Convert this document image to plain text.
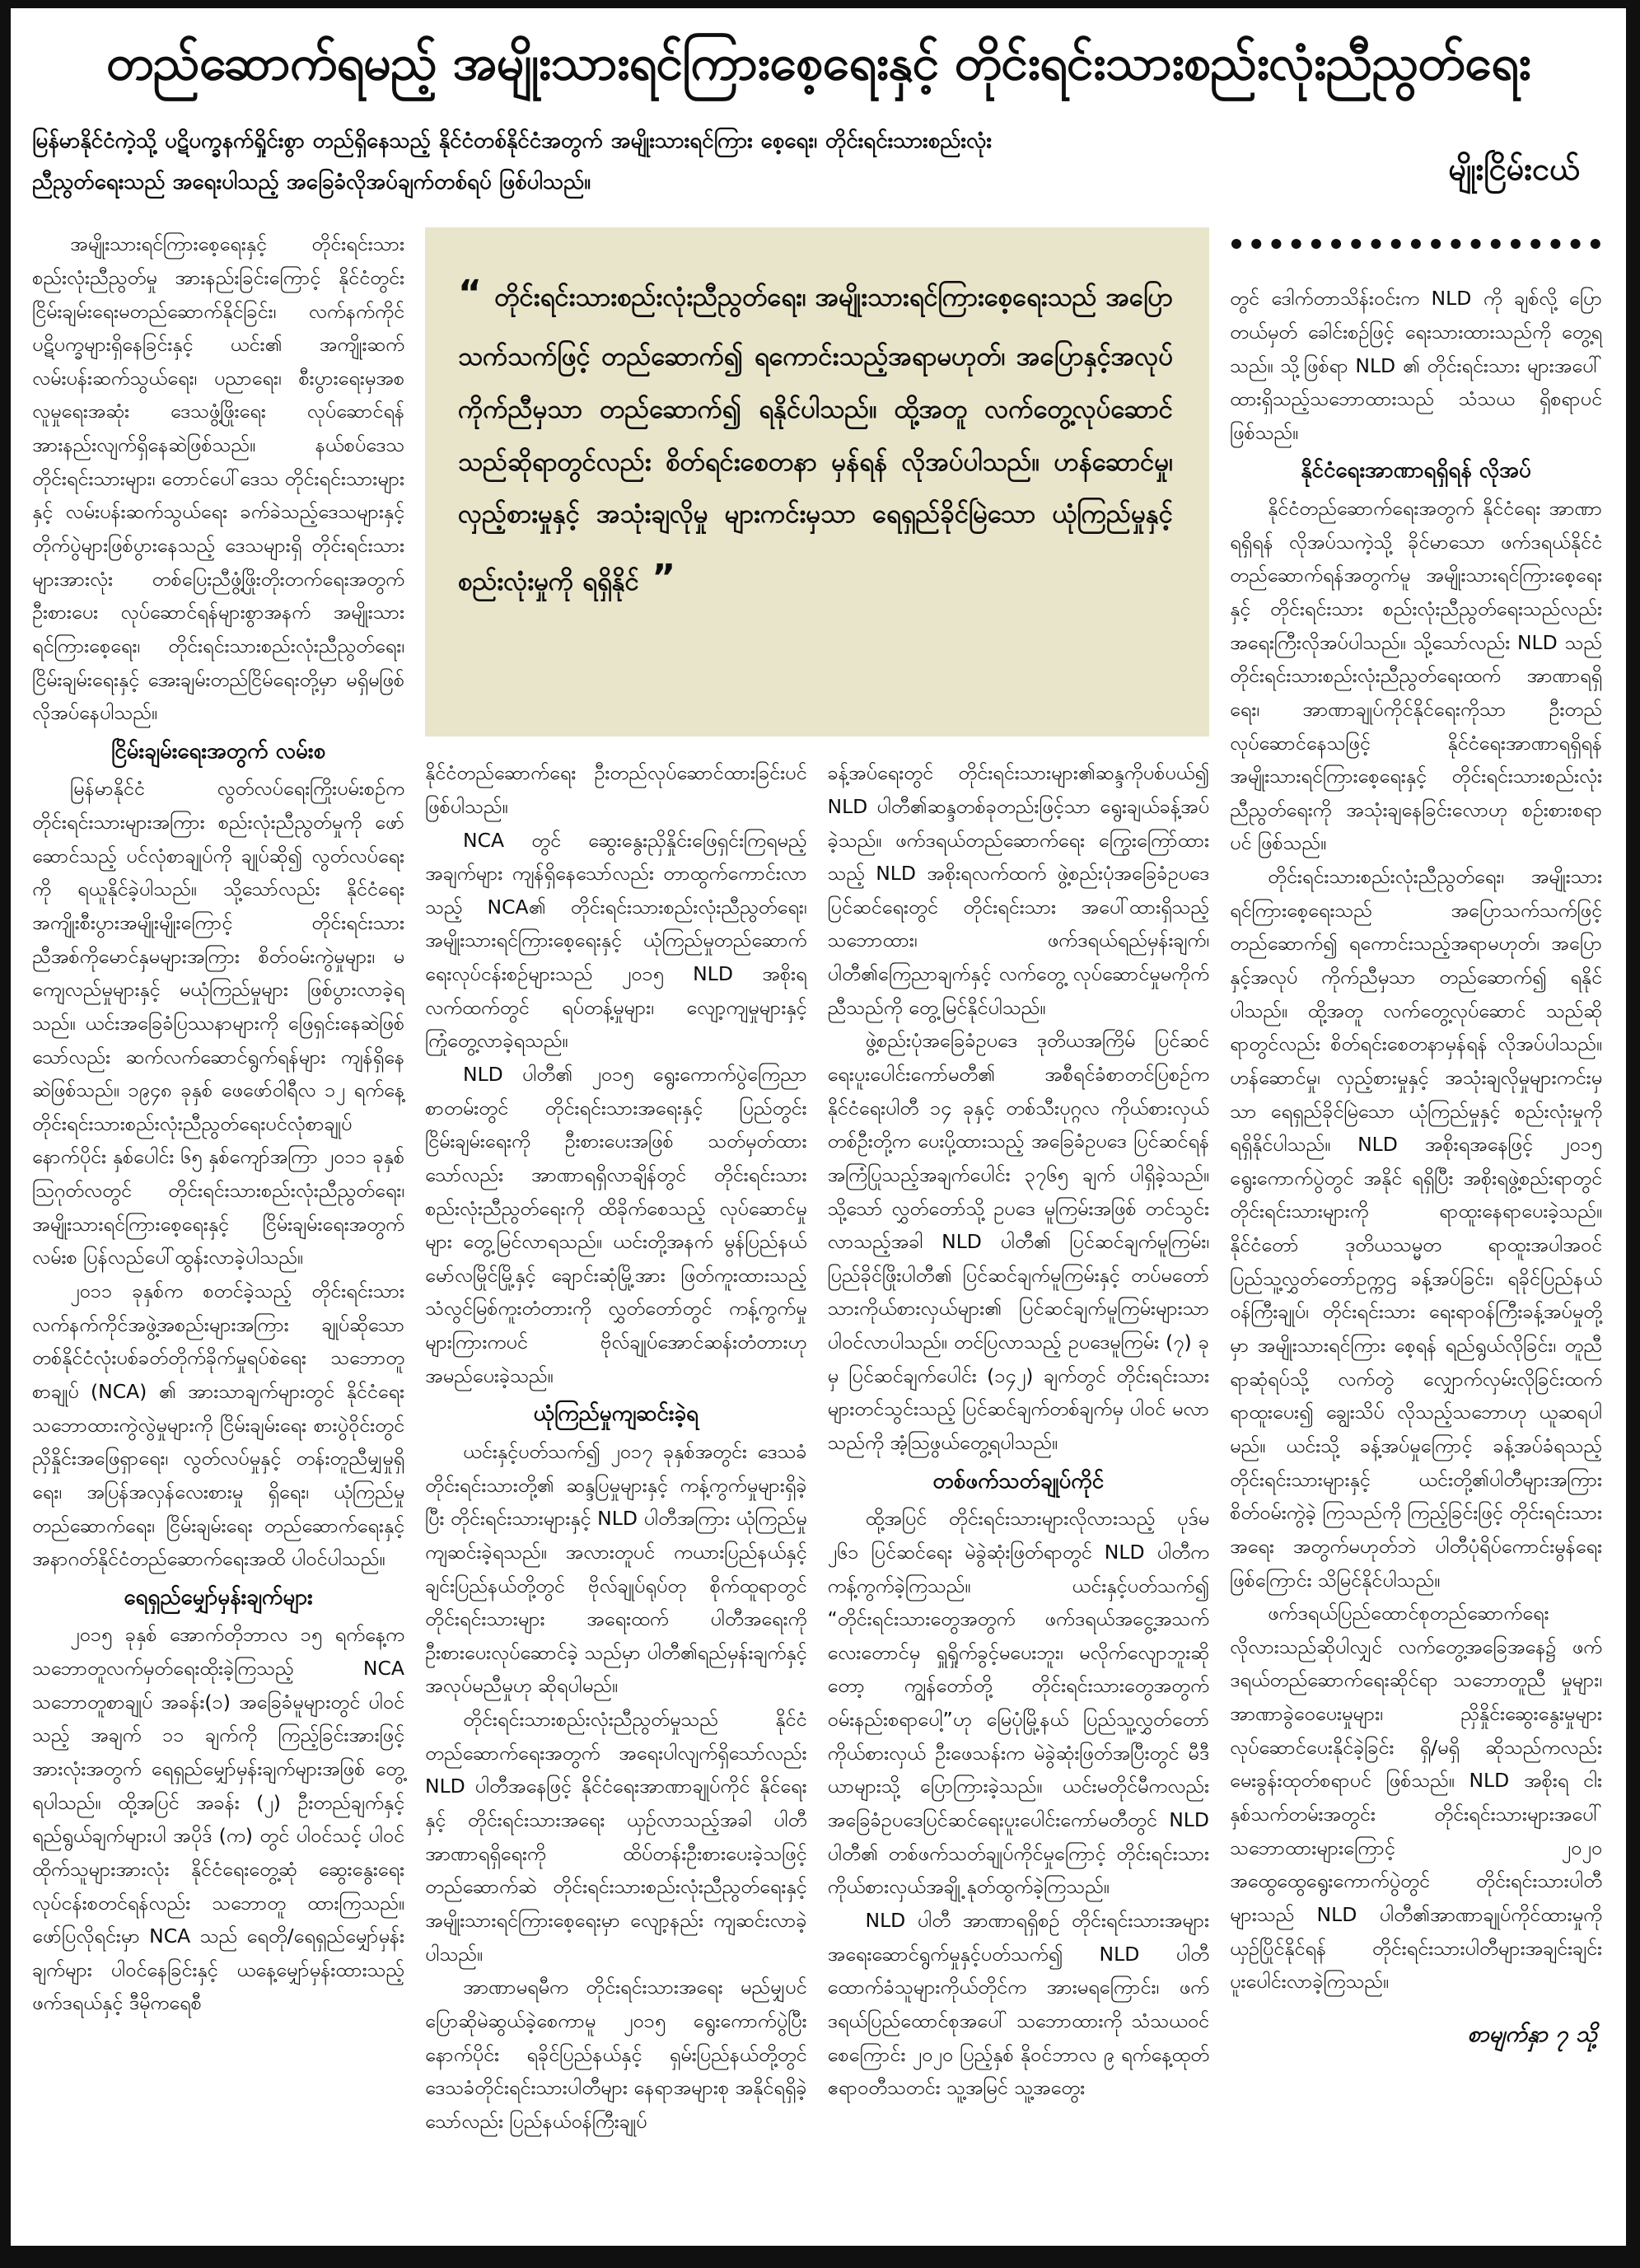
တည်ဆောက်ရမည့် အမျိုးသားရင်ကြားစေ့ရေးနှင့် တိုင်းရင်းသားစည်းလုံးညီညွတ်ရေး

မြန်မာနိုင်ငံကဲ့သို့ ပဋိပက္ခနက်ရှိုင်းစွာ တည်ရှိနေသည့် နိုင်ငံတစ်နိုင်ငံအတွက် အမျိုးသားရင်ကြား စေ့ရေး၊ တိုင်းရင်းသားစည်းလုံးညီညွတ်ရေးသည် အရေးပါသည့် အခြေခံလိုအပ်ချက်တစ်ရပ် ဖြစ်ပါသည်။	မျိုးငြိမ်းငယ်

အမျိုးသားရင်ကြားစေ့ရေးနှင့် တိုင်းရင်းသား စည်းလုံးညီညွတ်မှု အားနည်းခြင်းကြောင့် နိုင်ငံတွင်း ငြိမ်းချမ်းရေးမတည်ဆောက်နိုင်ခြင်း၊ လက်နက်ကိုင်ပဋိပက္ခများရှိနေခြင်းနှင့် ယင်း၏ အကျိုးဆက် လမ်းပန်းဆက်သွယ်ရေး၊ ပညာရေး၊ စီးပွားရေးမှအစ လူမှုရေးအဆုံး ဒေသဖွံ့ဖြိုးရေး လုပ်ဆောင်ရန် အားနည်းလျက်ရှိနေဆဲဖြစ်သည်။ နယ်စပ်ဒေသတိုင်းရင်းသားများ၊ တောင်ပေါ်ဒေသ တိုင်းရင်းသားများနှင့် လမ်းပန်းဆက်သွယ်ရေး ခက်ခဲသည့်ဒေသများနှင့် တိုက်ပွဲများဖြစ်ပွားနေသည့် ဒေသများရှိ တိုင်းရင်းသားများအားလုံး တစ်ပြေးညီဖွံ့ဖြိုးတိုးတက်ရေးအတွက် ဦးစားပေး လုပ်ဆောင်ရန်များစွာအနက် အမျိုးသားရင်ကြားစေ့ရေး၊ တိုင်းရင်းသားစည်းလုံးညီညွတ်ရေး၊ ငြိမ်းချမ်းရေးနှင့် အေးချမ်းတည်ငြိမ်ရေးတို့မှာ မရှိမဖြစ်လိုအပ်နေပါသည်။

ငြိမ်းချမ်းရေးအတွက် လမ်းစ

မြန်မာနိုင်ငံ လွတ်လပ်ရေးကြိုးပမ်းစဉ်က တိုင်းရင်းသားများအကြား စည်းလုံးညီညွတ်မှုကို ဖော်ဆောင်သည့် ပင်လုံစာချုပ်ကို ချုပ်ဆို၍ လွတ်လပ်ရေးကို ရယူနိုင်ခဲ့ပါသည်။ သို့သော်လည်း နိုင်ငံရေးအကျိုးစီးပွားအမျိုးမျိုးကြောင့် တိုင်းရင်းသား ညီအစ်ကိုမောင်နှမများအကြား စိတ်ဝမ်းကွဲမှုများ၊ မကျေလည်မှုများနှင့် မယုံကြည်မှုများ ဖြစ်ပွားလာခဲ့ရသည်။ ယင်းအခြေခံပြဿနာများကို ဖြေရှင်းနေဆဲဖြစ်သော်လည်း ဆက်လက်ဆောင်ရွက်ရန်များ ကျန်ရှိနေဆဲဖြစ်သည်။ ၁၉၄၈ ခုနှစ် ဖေဖော်ဝါရီလ ၁၂ ရက်နေ့ တိုင်းရင်းသားစည်းလုံးညီညွတ်ရေးပင်လုံစာချုပ်နောက်ပိုင်း နှစ်ပေါင်း ၆၅ နှစ်ကျော်အကြာ ၂၀၁၁ ခုနှစ် သြဂုတ်လတွင် တိုင်းရင်းသားစည်းလုံးညီညွတ်ရေး၊ အမျိုးသားရင်ကြားစေ့ရေးနှင့် ငြိမ်းချမ်းရေးအတွက် လမ်းစ ပြန်လည်ပေါ်ထွန်းလာခဲ့ပါသည်။

၂၀၁၁ ခုနှစ်က စတင်ခဲ့သည့် တိုင်းရင်းသား လက်နက်ကိုင်အဖွဲ့အစည်းများအကြား ချုပ်ဆိုသော တစ်နိုင်ငံလုံးပစ်ခတ်တိုက်ခိုက်မှုရပ်စဲရေး သဘောတူစာချုပ် (NCA) ၏ အားသာချက်များတွင် နိုင်ငံရေးသဘောထားကွဲလွဲမှုများကို ငြိမ်းချမ်းရေး စားပွဲဝိုင်းတွင် ညှိနှိုင်းအဖြေရှာရေး၊ လွတ်လပ်မှုနှင့် တန်းတူညီမျှမှုရှိရေး၊ အပြန်အလှန်လေးစားမှု ရှိရေး၊ ယုံကြည်မှုတည်ဆောက်ရေး၊ ငြိမ်းချမ်းရေး တည်ဆောက်ရေးနှင့် အနာဂတ်နိုင်ငံတည်ဆောက်ရေးအထိ ပါဝင်ပါသည်။

ရေရှည်မျှော်မှန်းချက်များ

၂၀၁၅ ခုနှစ် အောက်တိုဘာလ ၁၅ ရက်နေ့က သဘောတူလက်မှတ်ရေးထိုးခဲ့ကြသည့် NCA သဘောတူစာချုပ် အခန်း(၁) အခြေခံမူများတွင် ပါဝင်သည့် အချက် ၁၁ ချက်ကို ကြည့်ခြင်းအားဖြင့် အားလုံးအတွက် ရေရှည်မျှော်မှန်းချက်များအဖြစ် တွေ့ရပါသည်။ ထို့အပြင် အခန်း (၂) ဦးတည်ချက်နှင့် ရည်ရွယ်ချက်များပါ အပိုဒ် (က) တွင် ပါဝင်သင့် ပါဝင်ထိုက်သူများအားလုံး နိုင်ငံရေးတွေ့ဆုံ ဆွေးနွေးရေးလုပ်ငန်းစတင်ရန်လည်း သဘောတူ ထားကြသည်။ ဖော်ပြလိုရင်းမှာ NCA သည် ရေတို/ရေရှည်မျှော်မှန်းချက်များ ပါဝင်နေခြင်းနှင့် ယနေ့မျှော်မှန်းထားသည့် ဖက်ဒရယ်နှင့် ဒီမိုကရေစီ

“ တိုင်းရင်းသားစည်းလုံးညီညွတ်ရေး၊ အမျိုးသားရင်ကြားစေ့ရေးသည် အပြောသက်သက်ဖြင့် တည်ဆောက်၍ ရကောင်းသည့်အရာမဟုတ်၊ အပြောနှင့်အလုပ် ကိုက်ညီမှသာ တည်ဆောက်၍ ရနိုင်ပါသည်။ ထို့အတူ လက်တွေ့လုပ်ဆောင်သည်ဆိုရာတွင်လည်း စိတ်ရင်းစေတနာ မှန်ရန် လိုအပ်ပါသည်။ ဟန်ဆောင်မှု၊ လှည့်စားမှုနှင့် အသုံးချလိုမှု များကင်းမှသာ ရေရှည်ခိုင်မြဲသော ယုံကြည်မှုနှင့် စည်းလုံးမှုကို ရရှိနိုင် ”

နိုင်ငံတည်ဆောက်ရေး ဦးတည်လုပ်ဆောင်ထားခြင်းပင် ဖြစ်ပါသည်။

NCA တွင် ဆွေးနွေးညှိနှိုင်းဖြေရှင်းကြရမည့် အချက်များ ကျန်ရှိနေသော်လည်း တာထွက်ကောင်းလာသည့် NCA၏ တိုင်းရင်းသားစည်းလုံးညီညွတ်ရေး၊ အမျိုးသားရင်ကြားစေ့ရေးနှင့် ယုံကြည်မှုတည်ဆောက်ရေးလုပ်ငန်းစဉ်များသည် ၂၀၁၅ NLD အစိုးရ လက်ထက်တွင် ရပ်တန့်မှုများ၊ လျော့ကျမှုများနှင့် ကြုံတွေ့လာခဲ့ရသည်။

NLD ပါတီ၏ ၂၀၁၅ ရွေးကောက်ပွဲကြေညာ စာတမ်းတွင် တိုင်းရင်းသားအရေးနှင့် ပြည်တွင်း ငြိမ်းချမ်းရေးကို ဦးစားပေးအဖြစ် သတ်မှတ်ထား သော်လည်း အာဏာရရှိလာချိန်တွင် တိုင်းရင်းသား စည်းလုံးညီညွတ်ရေးကို ထိခိုက်စေသည့် လုပ်ဆောင်မှုများ တွေ့မြင်လာရသည်။ ယင်းတို့အနက် မွန်ပြည်နယ် မော်လမြိုင်မြို့နှင့် ချောင်းဆုံမြို့အား ဖြတ်ကူးထားသည့် သံလွင်မြစ်ကူးတံတားကို လွှတ်တော်တွင် ကန့်ကွက်မှုများကြားကပင် ဗိုလ်ချုပ်အောင်ဆန်းတံတားဟု အမည်ပေးခဲ့သည်။

ယုံကြည်မှုကျဆင်းခဲ့ရ

ယင်းနှင့်ပတ်သက်၍ ၂၀၁၇ ခုနှစ်အတွင်း ဒေသခံတိုင်းရင်းသားတို့၏ ဆန္ဒပြမှုများနှင့် ကန့်ကွက်မှုများရှိခဲ့ပြီး တိုင်းရင်းသားများနှင့် NLD ပါတီအကြား ယုံကြည်မှုကျဆင်းခဲ့ရသည်။ အလားတူပင် ကယားပြည်နယ်နှင့် ချင်းပြည်နယ်တို့တွင် ဗိုလ်ချုပ်ရုပ်တု စိုက်ထူရာတွင် တိုင်းရင်းသားများ အရေးထက် ပါတီအရေးကို ဦးစားပေးလုပ်ဆောင်ခဲ့ သည်မှာ ပါတီ၏ရည်မှန်းချက်နှင့်အလုပ်မညီမှုဟု ဆိုရပါမည်။

တိုင်းရင်းသားစည်းလုံးညီညွတ်မှုသည် နိုင်ငံ တည်ဆောက်ရေးအတွက် အရေးပါလျက်ရှိသော်လည်း NLD ပါတီအနေဖြင့် နိုင်ငံရေးအာဏာချုပ်ကိုင် နိုင်ရေးနှင့် တိုင်းရင်းသားအရေး ယှဉ်လာသည့်အခါ ပါတီအာဏာရရှိရေးကို ထိပ်တန်းဦးစားပေးခဲ့သဖြင့် တည်ဆောက်ဆဲ တိုင်းရင်းသားစည်းလုံးညီညွတ်ရေးနှင့် အမျိုးသားရင်ကြားစေ့ရေးမှာ လျော့နည်း ကျဆင်းလာခဲ့ပါသည်။

အာဏာမရမီက တိုင်းရင်းသားအရေး မည်မျှပင် ပြောဆိုမဲဆွယ်ခဲ့စေကာမူ ၂၀၁၅ ရွေးကောက်ပွဲပြီးနောက်ပိုင်း ရခိုင်ပြည်နယ်နှင့် ရှမ်းပြည်နယ်တို့တွင် ဒေသခံတိုင်းရင်းသားပါတီများ နေရာအများစု အနိုင်ရရှိခဲ့သော်လည်း ပြည်နယ်ဝန်ကြီးချုပ်

ခန့်အပ်ရေးတွင် တိုင်းရင်းသားများ၏ဆန္ဒကိုပစ်ပယ်၍ NLD ပါတီ၏ဆန္ဒတစ်ခုတည်းဖြင့်သာ ရွေးချယ်ခန့်အပ်ခဲ့သည်။ ဖက်ဒရယ်တည်ဆောက်ရေး ကြွေးကြော်ထားသည့် NLD အစိုးရလက်ထက် ဖွဲ့စည်းပုံအခြေခံဥပဒေပြင်ဆင်ရေးတွင် တိုင်းရင်းသား အပေါ်ထားရှိသည့်သဘောထား၊ ဖက်ဒရယ်ရည်မှန်းချက်၊ ပါတီ၏ကြေညာချက်နှင့် လက်တွေ့ လုပ်ဆောင်မှုမကိုက်ညီသည်ကို တွေ့မြင်နိုင်ပါသည်။

ဖွဲ့စည်းပုံအခြေခံဥပဒေ ဒုတိယအကြိမ် ပြင်ဆင်ရေးပူးပေါင်းကော်မတီ၏ အစီရင်ခံစာတင်ပြစဉ်က နိုင်ငံရေးပါတီ ၁၄ ခုနှင့် တစ်သီးပုဂ္ဂလ ကိုယ်စားလှယ်တစ်ဦးတို့က ပေးပို့ထားသည့် အခြေခံဥပဒေ ပြင်ဆင်ရန် အကြံပြုသည့်အချက်ပေါင်း ၃၇၆၅ ချက် ပါရှိခဲ့သည်။ သို့သော် လွှတ်တော်သို့ ဥပဒေ မူကြမ်းအဖြစ် တင်သွင်းလာသည့်အခါ NLD ပါတီ၏ ပြင်ဆင်ချက်မူကြမ်း၊ ပြည်ခိုင်ဖြိုးပါတီ၏ ပြင်ဆင်ချက်မူကြမ်းနှင့် တပ်မတော်သားကိုယ်စားလှယ်များ၏ ပြင်ဆင်ချက်မူကြမ်းများသာ ပါဝင်လာပါသည်။ တင်ပြလာသည့် ဥပဒေမူကြမ်း (၇) ခုမှ ပြင်ဆင်ချက်ပေါင်း (၁၄၂) ချက်တွင် တိုင်းရင်းသားများတင်သွင်းသည့် ပြင်ဆင်ချက်တစ်ချက်မှ ပါဝင် မလာသည်ကို အံ့သြဖွယ်တွေ့ရပါသည်။

တစ်ဖက်သတ်ချုပ်ကိုင်

ထို့အပြင် တိုင်းရင်းသားများလိုလားသည့် ပုဒ်မ ၂၆၁ ပြင်ဆင်ရေး မဲခွဲဆုံးဖြတ်ရာတွင် NLD ပါတီက ကန့်ကွက်ခဲ့ကြသည်။ ယင်းနှင့်ပတ်သက်၍ “တိုင်းရင်းသားတွေအတွက် ဖက်ဒရယ်အငွေ့အသက်လေးတောင်မှ ရှူရှိုက်ခွင့်မပေးဘူး၊ မလိုက်လျောဘူးဆိုတော့ ကျွန်တော်တို့ တိုင်းရင်းသားတွေအတွက် ဝမ်းနည်းစရာပေါ့”ဟု မြေပုံမြို့နယ် ပြည်သူ့လွှတ်တော် ကိုယ်စားလှယ် ဦးဖေသန်းက မဲခွဲဆုံးဖြတ်အပြီးတွင် မီဒီယာများသို့ ပြောကြားခဲ့သည်။ ယင်းမတိုင်မီကလည်း အခြေခံဥပဒေပြင်ဆင်ရေးပူးပေါင်းကော်မတီတွင် NLD ပါတီ၏ တစ်ဖက်သတ်ချုပ်ကိုင်မှုကြောင့် တိုင်းရင်းသားကိုယ်စားလှယ်အချို့ နုတ်ထွက်ခဲ့ကြသည်။

NLD ပါတီ အာဏာရရှိစဉ် တိုင်းရင်းသားအများ အရေးဆောင်ရွက်မှုနှင့်ပတ်သက်၍ NLD ပါတီ ထောက်ခံသူများကိုယ်တိုင်က အားမရကြောင်း၊ ဖက်ဒရယ်ပြည်ထောင်စုအပေါ် သဘောထားကို သံသယဝင်စေကြောင်း ၂၀၂၀ ပြည့်နှစ် နိုဝင်ဘာလ ၉ ရက်နေ့ထုတ် ဧရာဝတီသတင်း သူ့အမြင် သူ့အတွေး

တွင် ဒေါက်တာသိန်းဝင်းက NLD ကို ချစ်လို့ ပြောတယ်မှတ် ခေါင်းစဉ်ဖြင့် ရေးသားထားသည်ကို တွေ့ရသည်။ သို့ဖြစ်ရာ NLD ၏ တိုင်းရင်းသား များအပေါ် ထားရှိသည့်သဘောထားသည် သံသယ ရှိစရာပင် ဖြစ်သည်။

နိုင်ငံရေးအာဏာရရှိရန် လိုအပ်

နိုင်ငံတည်ဆောက်ရေးအတွက် နိုင်ငံရေး အာဏာရရှိရန် လိုအပ်သကဲ့သို့ ခိုင်မာသော ဖက်ဒရယ်နိုင်ငံတည်ဆောက်ရန်အတွက်မူ အမျိုးသားရင်ကြားစေ့ရေးနှင့် တိုင်းရင်းသား စည်းလုံးညီညွတ်ရေးသည်လည်း အရေးကြီးလိုအပ်ပါသည်။ သို့သော်လည်း NLD သည် တိုင်းရင်းသားစည်းလုံးညီညွတ်ရေးထက် အာဏာရရှိရေး၊ အာဏာချုပ်ကိုင်နိုင်ရေးကိုသာ ဦးတည်လုပ်ဆောင်နေသဖြင့် နိုင်ငံရေးအာဏာရရှိရန် အမျိုးသားရင်ကြားစေ့ရေးနှင့် တိုင်းရင်းသားစည်းလုံးညီညွတ်ရေးကို အသုံးချနေခြင်းလောဟု စဉ်းစားစရာပင် ဖြစ်သည်။

တိုင်းရင်းသားစည်းလုံးညီညွတ်ရေး၊ အမျိုးသားရင်ကြားစေ့ရေးသည် အပြောသက်သက်ဖြင့် တည်ဆောက်၍ ရကောင်းသည့်အရာမဟုတ်၊ အပြောနှင့်အလုပ် ကိုက်ညီမှသာ တည်ဆောက်၍ ရနိုင်ပါသည်။ ထို့အတူ လက်တွေ့လုပ်ဆောင် သည်ဆိုရာတွင်လည်း စိတ်ရင်းစေတနာမှန်ရန် လိုအပ်ပါသည်။ ဟန်ဆောင်မှု၊ လှည့်စားမှုနှင့် အသုံးချလိုမှုများကင်းမှသာ ရေရှည်ခိုင်မြဲသော ယုံကြည်မှုနှင့် စည်းလုံးမှုကို ရရှိနိုင်ပါသည်။ NLD အစိုးရအနေဖြင့် ၂၀၁၅ ရွေးကောက်ပွဲတွင် အနိုင် ရရှိပြီး အစိုးရဖွဲ့စည်းရာတွင် တိုင်းရင်းသားများကို ရာထူးနေရာပေးခဲ့သည်။ နိုင်ငံတော် ဒုတိယသမ္မတ ရာထူးအပါအဝင် ပြည်သူ့လွှတ်တော်ဥက္ကဌ ခန့်အပ်ခြင်း၊ ရခိုင်ပြည်နယ်ဝန်ကြီးချုပ်၊ တိုင်းရင်းသား ရေးရာဝန်ကြီးခန့်အပ်မှုတို့မှာ အမျိုးသားရင်ကြား စေ့ရန် ရည်ရွယ်လိုခြင်း၊ တူညီရာဆုံရပ်သို့ လက်တွဲ လျှောက်လှမ်းလိုခြင်းထက် ရာထူးပေး၍ ချွေးသိပ် လိုသည့်သဘောဟု ယူဆရပါမည်။ ယင်းသို့ ခန့်အပ်မှုကြောင့် ခန့်အပ်ခံရသည့် တိုင်းရင်းသားများနှင့် ယင်းတို့၏ပါတီများအကြား စိတ်ဝမ်းကွဲခဲ့ ကြသည်ကို ကြည့်ခြင်းဖြင့် တိုင်းရင်းသားအရေး အတွက်မဟုတ်ဘဲ ပါတီပုံရိပ်ကောင်းမွန်ရေး ဖြစ်ကြောင်း သိမြင်နိုင်ပါသည်။

ဖက်ဒရယ်ပြည်ထောင်စုတည်ဆောက်ရေး လိုလားသည်ဆိုပါလျှင် လက်တွေ့အခြေအနေ၌ ဖက်ဒရယ်တည်ဆောက်ရေးဆိုင်ရာ သဘောတူညီ မှုများ၊ အာဏာခွဲဝေပေးမှုများ၊ ညှိနှိုင်းဆွေးနွေးမှုများ လုပ်ဆောင်ပေးနိုင်ခဲ့ခြင်း ရှိ/မရှိ ဆိုသည်ကလည်း မေးခွန်းထုတ်စရာပင် ဖြစ်သည်။ NLD အစိုးရ ငါးနှစ်သက်တမ်းအတွင်း တိုင်းရင်းသားများအပေါ်သဘောထားများကြောင့် ၂၀၂၀ အထွေထွေရွေးကောက်ပွဲတွင် တိုင်းရင်းသားပါတီများသည် NLD ပါတီ၏အာဏာချုပ်ကိုင်ထားမှုကို ယှဉ်ပြိုင်နိုင်ရန် တိုင်းရင်းသားပါတီများအချင်းချင်း ပူးပေါင်းလာခဲ့ကြသည်။

စာမျက်နှာ ၇ သို့
